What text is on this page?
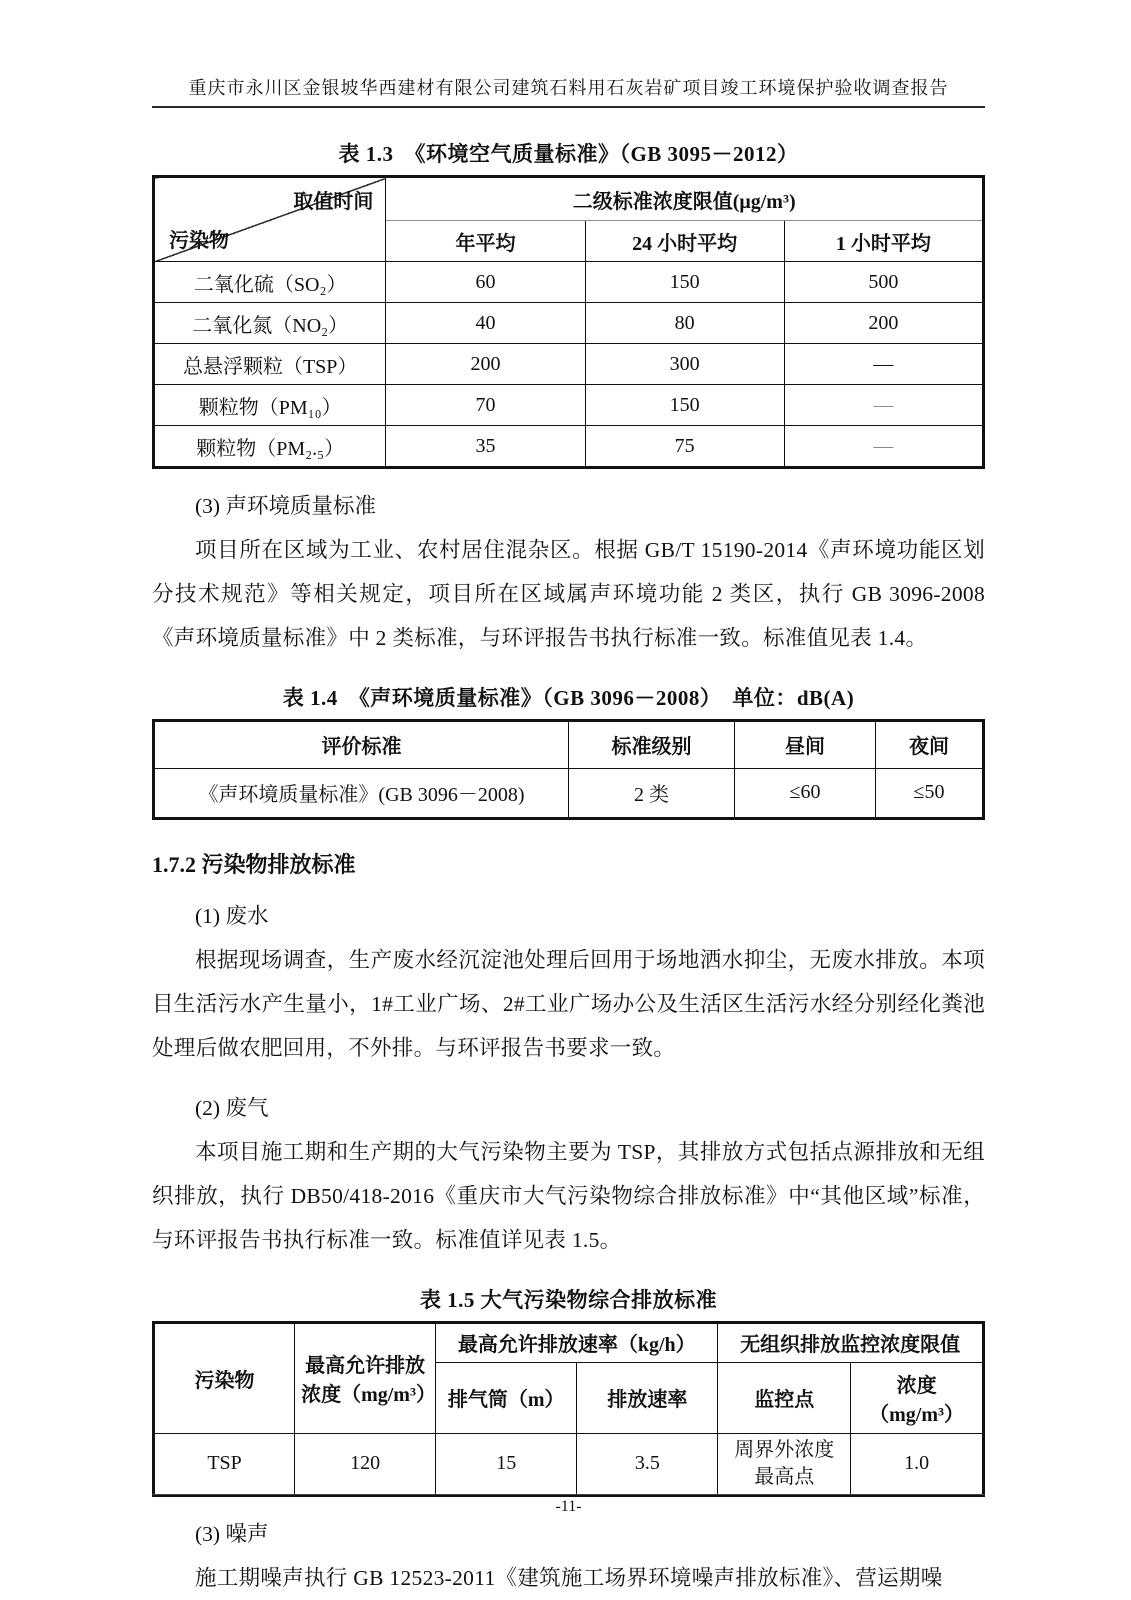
重庆市永川区金银坡华西建材有限公司建筑石料用石灰岩矿项目竣工环境保护验收调查报告
表 1.3　《环境空气质量标准》（GB 3095－2012）
取值时间
污染物	二级标准浓度限值(μg/m³)		
	年平均	24 小时平均	1 小时平均
二氧化硫（SO₂）	60	150	500
二氧化氮（NO₂）	40	80	200
总悬浮颗粒（TSP）	200	300	—
颗粒物（PM₁₀）	70	150	—
颗粒物（PM₂.₅）	35	75	—
(3) 声环境质量标准

项目所在区域为工业、农村居住混杂区。根据 GB/T 15190-2014《声环境功能区划分技术规范》等相关规定，项目所在区域属声环境功能 2 类区，执行 GB 3096-2008《声环境质量标准》中 2 类标准，与环评报告书执行标准一致。标准值见表 1.4。

表 1.4　《声环境质量标准》（GB 3096－2008）　单位：dB(A)
评价标准	标准级别	昼间	夜间
《声环境质量标准》(GB 3096－2008)	2 类	≤60	≤50
1.7.2 污染物排放标准
(1) 废水

根据现场调查，生产废水经沉淀池处理后回用于场地洒水抑尘，无废水排放。本项目生活污水产生量小，1#工业广场、2#工业广场办公及生活区生活污水经分别经化粪池处理后做农肥回用，不外排。与环评报告书要求一致。

(2) 废气

本项目施工期和生产期的大气污染物主要为 TSP，其排放方式包括点源排放和无组织排放，执行 DB50/418-2016《重庆市大气污染物综合排放标准》中“其他区域”标准，与环评报告书执行标准一致。标准值详见表 1.5。

表 1.5 大气污染物综合排放标准
污染物	最高允许排放浓度（mg/m³）	最高允许排放速率（kg/h）		无组织排放监控浓度限值	
		排气筒（m）	排放速率	监控点	浓度（mg/m³）
TSP	120	15	3.5	周界外浓度最高点	1.0
(3) 噪声

施工期噪声执行 GB 12523-2011《建筑施工场界环境噪声排放标准》、营运期噪

-11-
